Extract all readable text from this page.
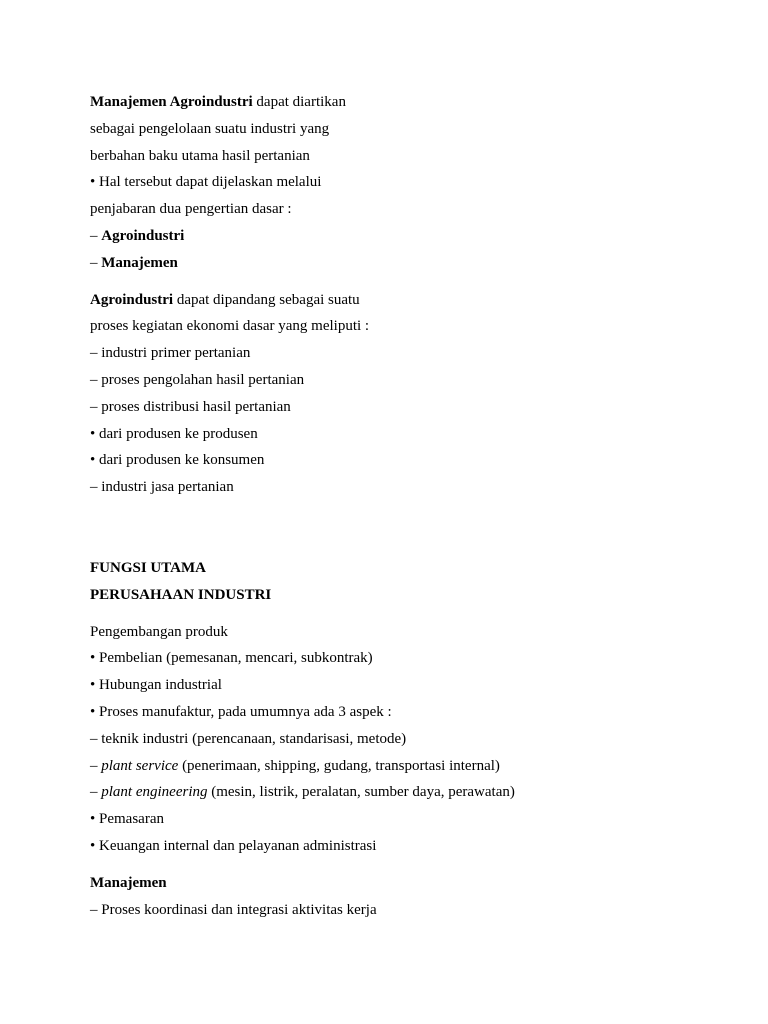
Manajemen Agroindustri dapat diartikan
sebagai pengelolaan suatu industri yang
berbahan baku utama hasil pertanian
• Hal tersebut dapat dijelaskan melalui
penjabaran dua pengertian dasar :
– Agroindustri
– Manajemen
Agroindustri dapat dipandang sebagai suatu
proses kegiatan ekonomi dasar yang meliputi :
– industri primer pertanian
– proses pengolahan hasil pertanian
– proses distribusi hasil pertanian
• dari produsen ke produsen
• dari produsen ke konsumen
– industri jasa pertanian
FUNGSI UTAMA
PERUSAHAAN INDUSTRI
Pengembangan produk
• Pembelian (pemesanan, mencari, subkontrak)
• Hubungan industrial
• Proses manufaktur, pada umumnya ada 3 aspek :
– teknik industri (perencanaan, standarisasi, metode)
– plant service (penerimaan, shipping, gudang, transportasi internal)
– plant engineering (mesin, listrik, peralatan, sumber daya, perawatan)
• Pemasaran
• Keuangan internal dan pelayanan administrasi
Manajemen
– Proses koordinasi dan integrasi aktivitas kerja
